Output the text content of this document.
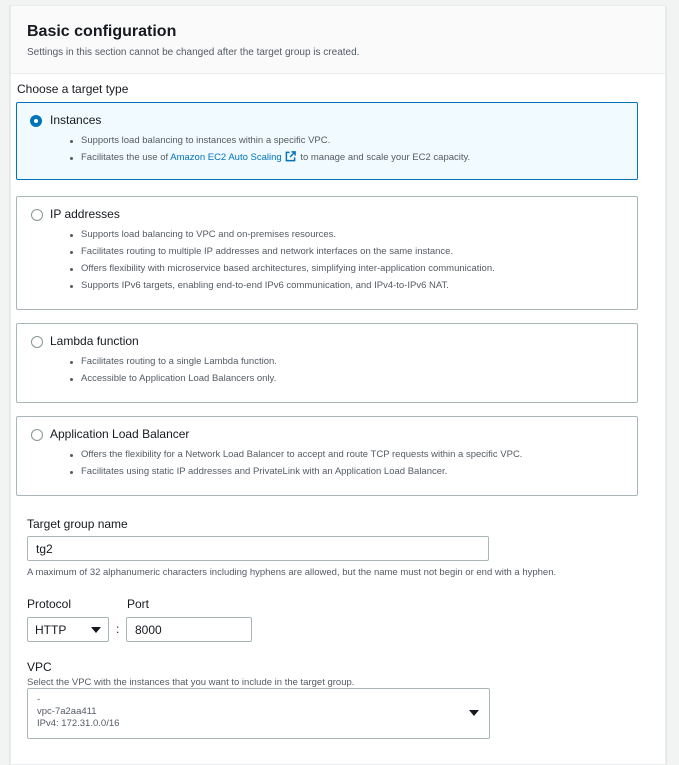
Basic configuration
Settings in this section cannot be changed after the target group is created.
Choose a target type
Instances
Supports load balancing to instances within a specific VPC.
Facilitates the use of Amazon EC2 Auto Scaling to manage and scale your EC2 capacity.
IP addresses
Supports load balancing to VPC and on-premises resources.
Facilitates routing to multiple IP addresses and network interfaces on the same instance.
Offers flexibility with microservice based architectures, simplifying inter-application communication.
Supports IPv6 targets, enabling end-to-end IPv6 communication, and IPv4-to-IPv6 NAT.
Lambda function
Facilitates routing to a single Lambda function.
Accessible to Application Load Balancers only.
Application Load Balancer
Offers the flexibility for a Network Load Balancer to accept and route TCP requests within a specific VPC.
Facilitates using static IP addresses and PrivateLink with an Application Load Balancer.
Target group name
tg2
A maximum of 32 alphanumeric characters including hyphens are allowed, but the name must not begin or end with a hyphen.
Protocol	Port
HTTP	:
8000
VPC
Select the VPC with the instances that you want to include in the target group.
-
vpc-7a2aa411
IPv4: 172.31.0.0/16
